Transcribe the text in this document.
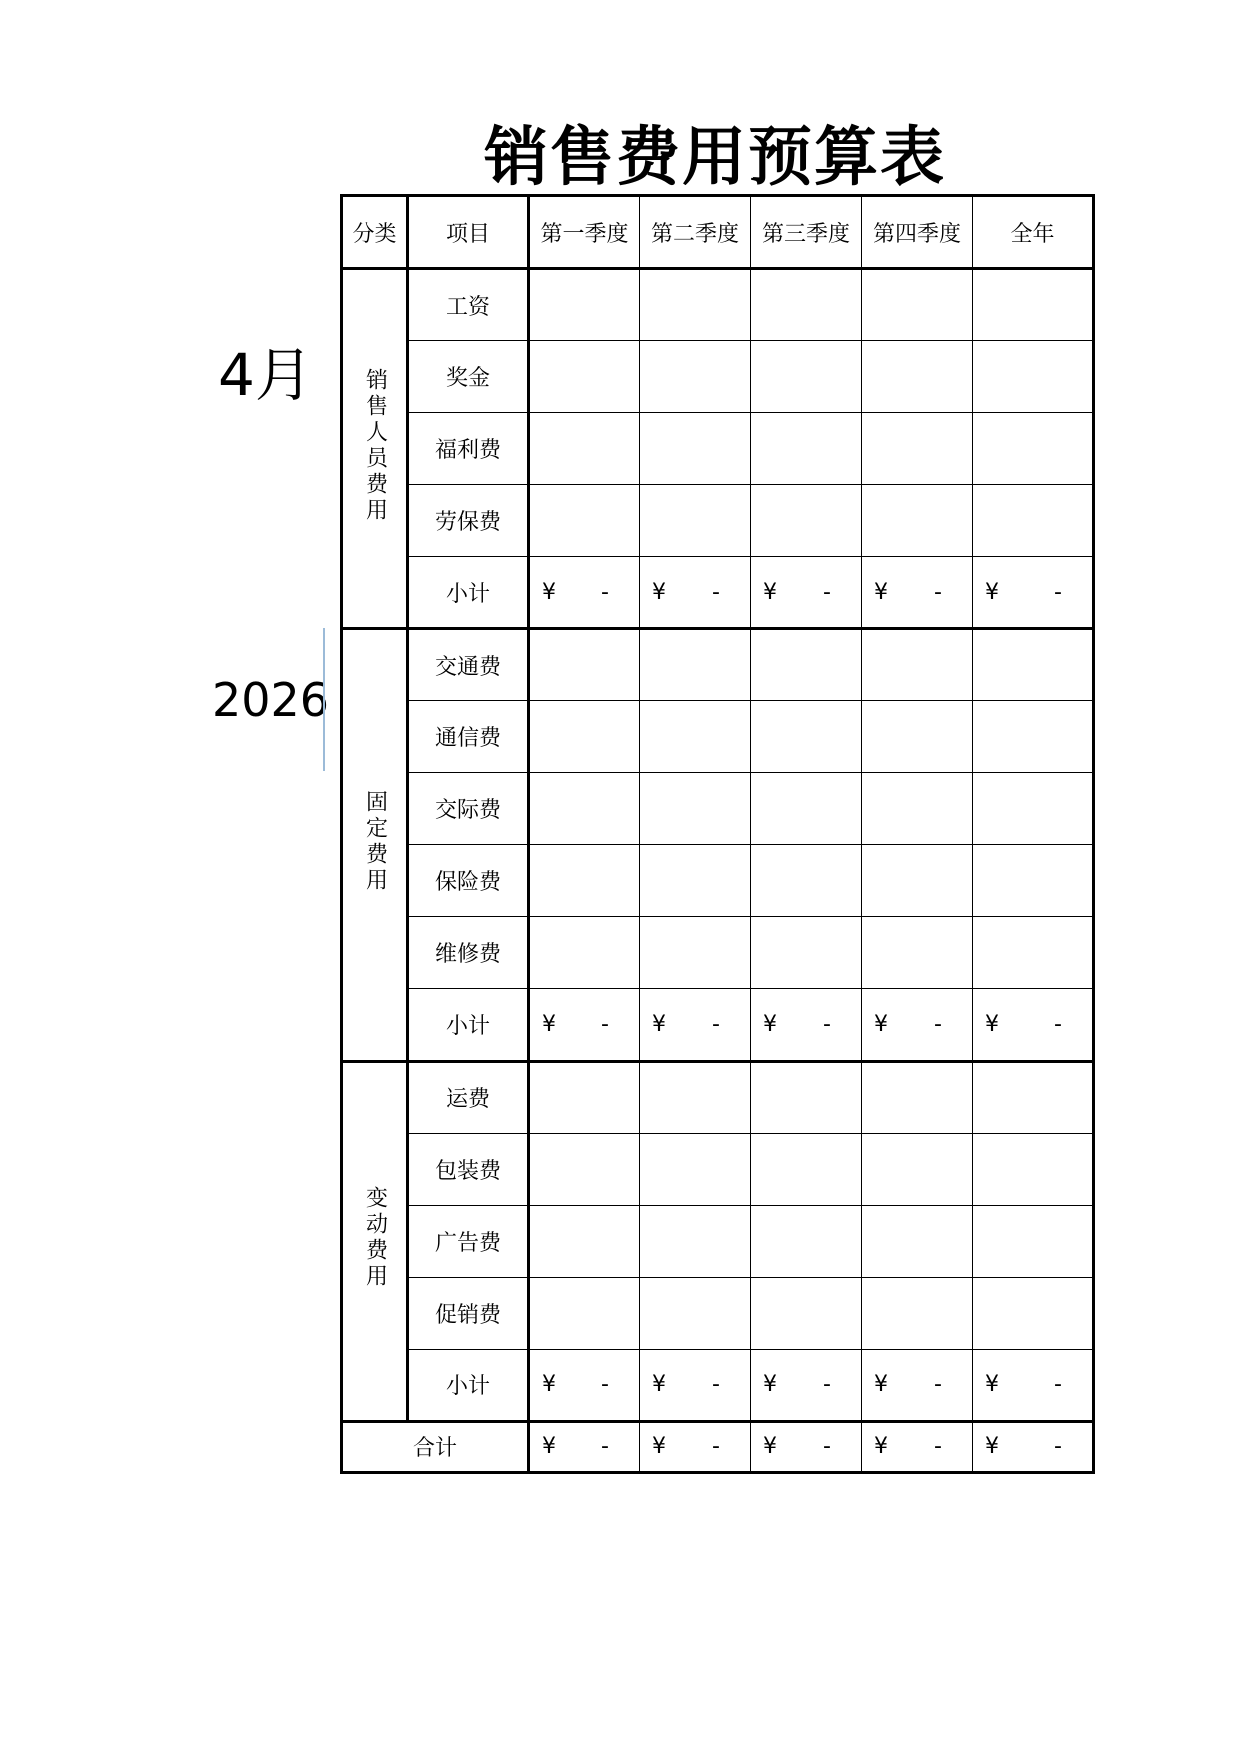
销售费用预算表
4月
2026
分类	项目	第一季度	第二季度	第三季度	第四季度	全年
销售人员费用	工资					
	奖金					
	福利费					
	劳保费					
	小计	¥ -	¥ -	¥ -	¥ -	¥ -

固定费用	交通费					
	通信费					
	交际费					
	保险费					
	维修费					
	小计	¥ -	¥ -	¥ -	¥ -	¥ -

变动费用	运费					
	包装费					
	广告费					
	促销费					
	小计	¥ -	¥ -	¥ -	¥ -	¥ -

合计		¥ -	¥ -	¥ -	¥ -	¥ -
